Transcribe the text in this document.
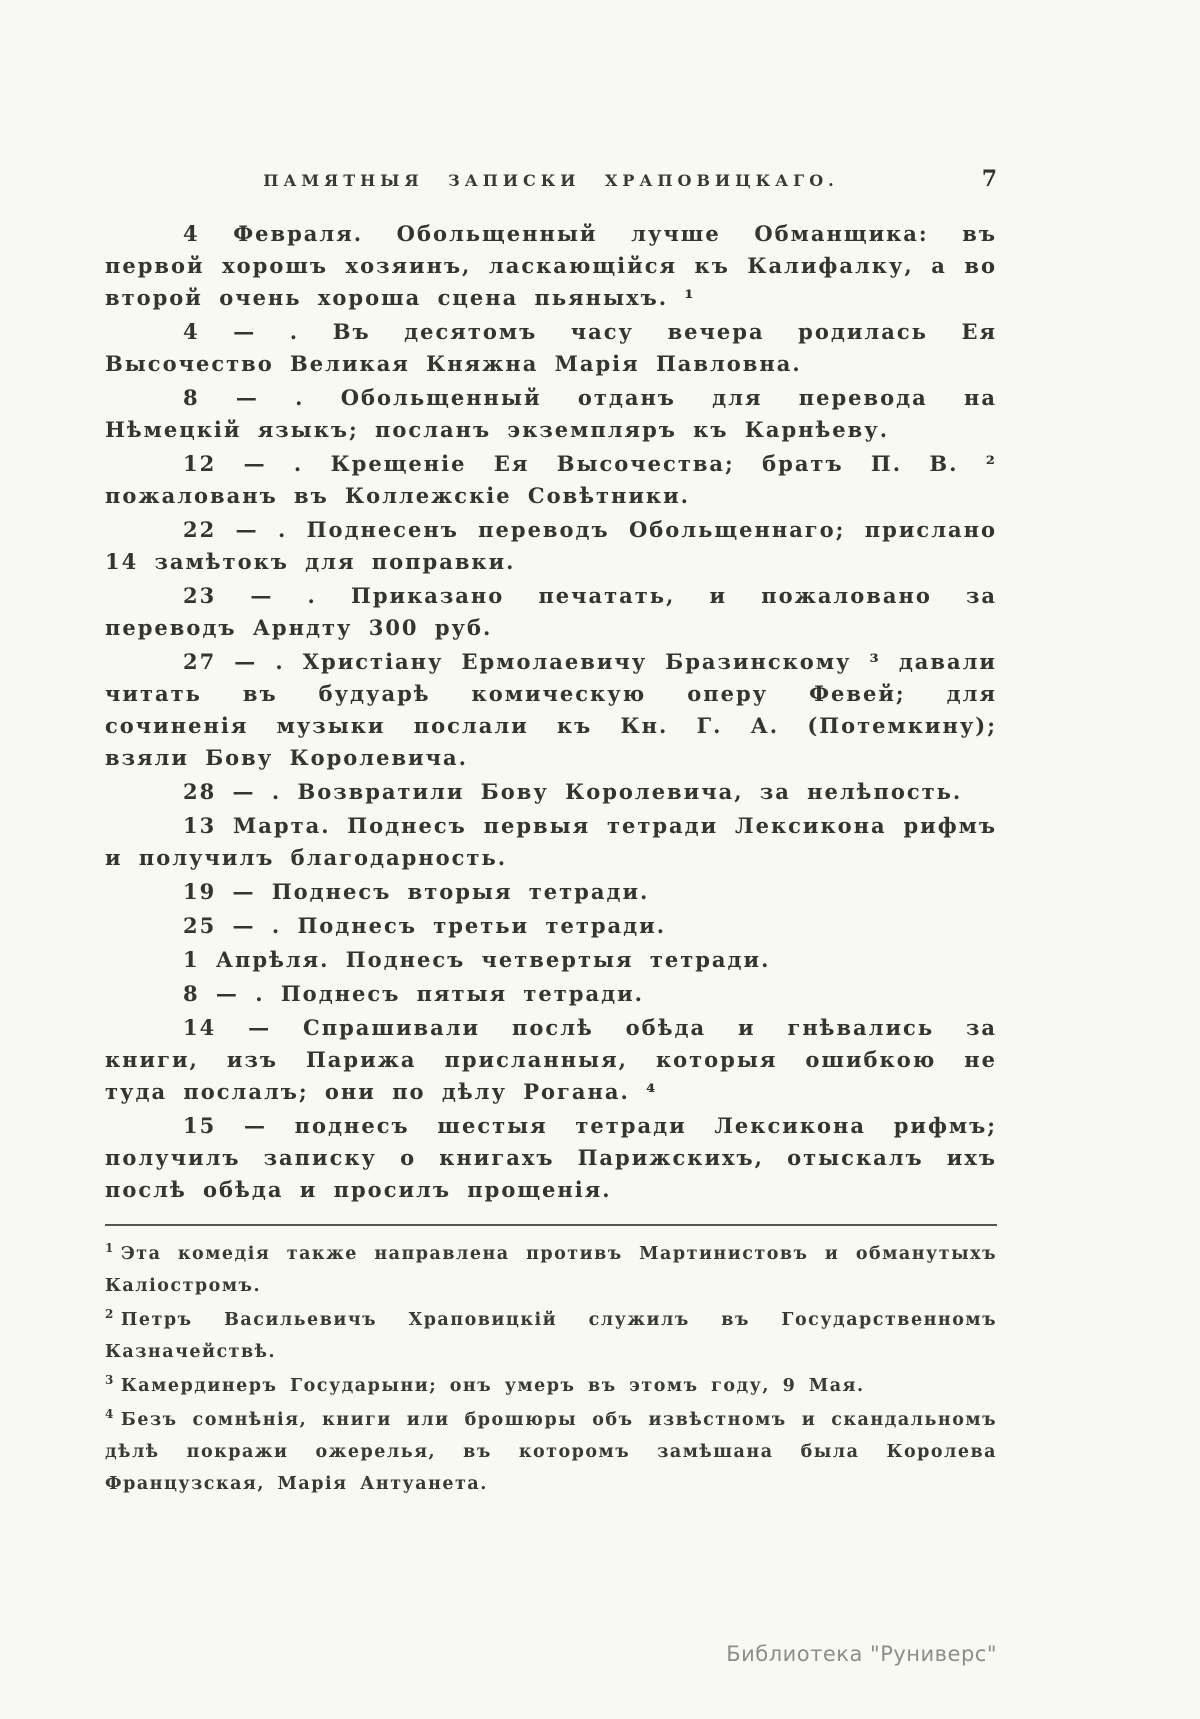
ПАМЯТНЫЯ ЗАПИСКИ ХРАПОВИЦКАГО.	7

4 Февраля. Обольщенный лучше Обманщика: въ первой хорошъ хозяинъ, ласкающійся къ Калифалку, а во второй очень хороша сцена пьяныхъ. ¹

4 — . Въ десятомъ часу вечера родилась Ея Высочество Великая Княжна Марія Павловна.

8 — . Обольщенный отданъ для перевода на Нѣмецкій языкъ; посланъ экземпляръ къ Карнѣеву.

12 — . Крещеніе Ея Высочества; братъ П. В. ² пожалованъ въ Коллежскіе Совѣтники.

22 — . Поднесенъ переводъ Обольщеннаго; прислано 14 замѣтокъ для поправки.

23 — . Приказано печатать, и пожаловано за переводъ Арндту 300 руб.

27 — . Христіану Ермолаевичу Бразинскому ³ давали читать въ будуарѣ комическую оперу Февей; для сочиненія музыки послали къ Кн. Г. А. (Потемкину); взяли Бову Королевича.

28 — . Возвратили Бову Королевича, за нелѣпость.

13 Марта. Поднесъ первыя тетради Лексикона рифмъ и получилъ благодарность.

19 — Поднесъ вторыя тетради.

25 — . Поднесъ третьи тетради.

1 Апрѣля. Поднесъ четвертыя тетради.

8 — . Поднесъ пятыя тетради.

14 — Спрашивали послѣ обѣда и гнѣвались за книги, изъ Парижа присланныя, которыя ошибкою не туда послалъ; они по дѣлу Рогана. ⁴

15 — поднесъ шестыя тетради Лексикона рифмъ; получилъ записку о книгахъ Парижскихъ, отыскалъ ихъ послѣ обѣда и просилъ прощенія.

$^1$ Эта комедія также направлена противъ Мартинистовъ и обманутыхъ Каліостромъ.
$^2$ Петръ Васильевичъ Храповицкій служилъ въ Государственномъ Казначействѣ.
$^3$ Камердинеръ Государыни; онъ умеръ въ этомъ году, 9 Мая.
$^4$ Безъ сомнѣнія, книги или брошюры объ извѣстномъ и скандальномъ дѣлѣ покражи ожерелья, въ которомъ замѣшана была Королева Французская, Марія Антуанета.
Библиотека "Руниверс"
